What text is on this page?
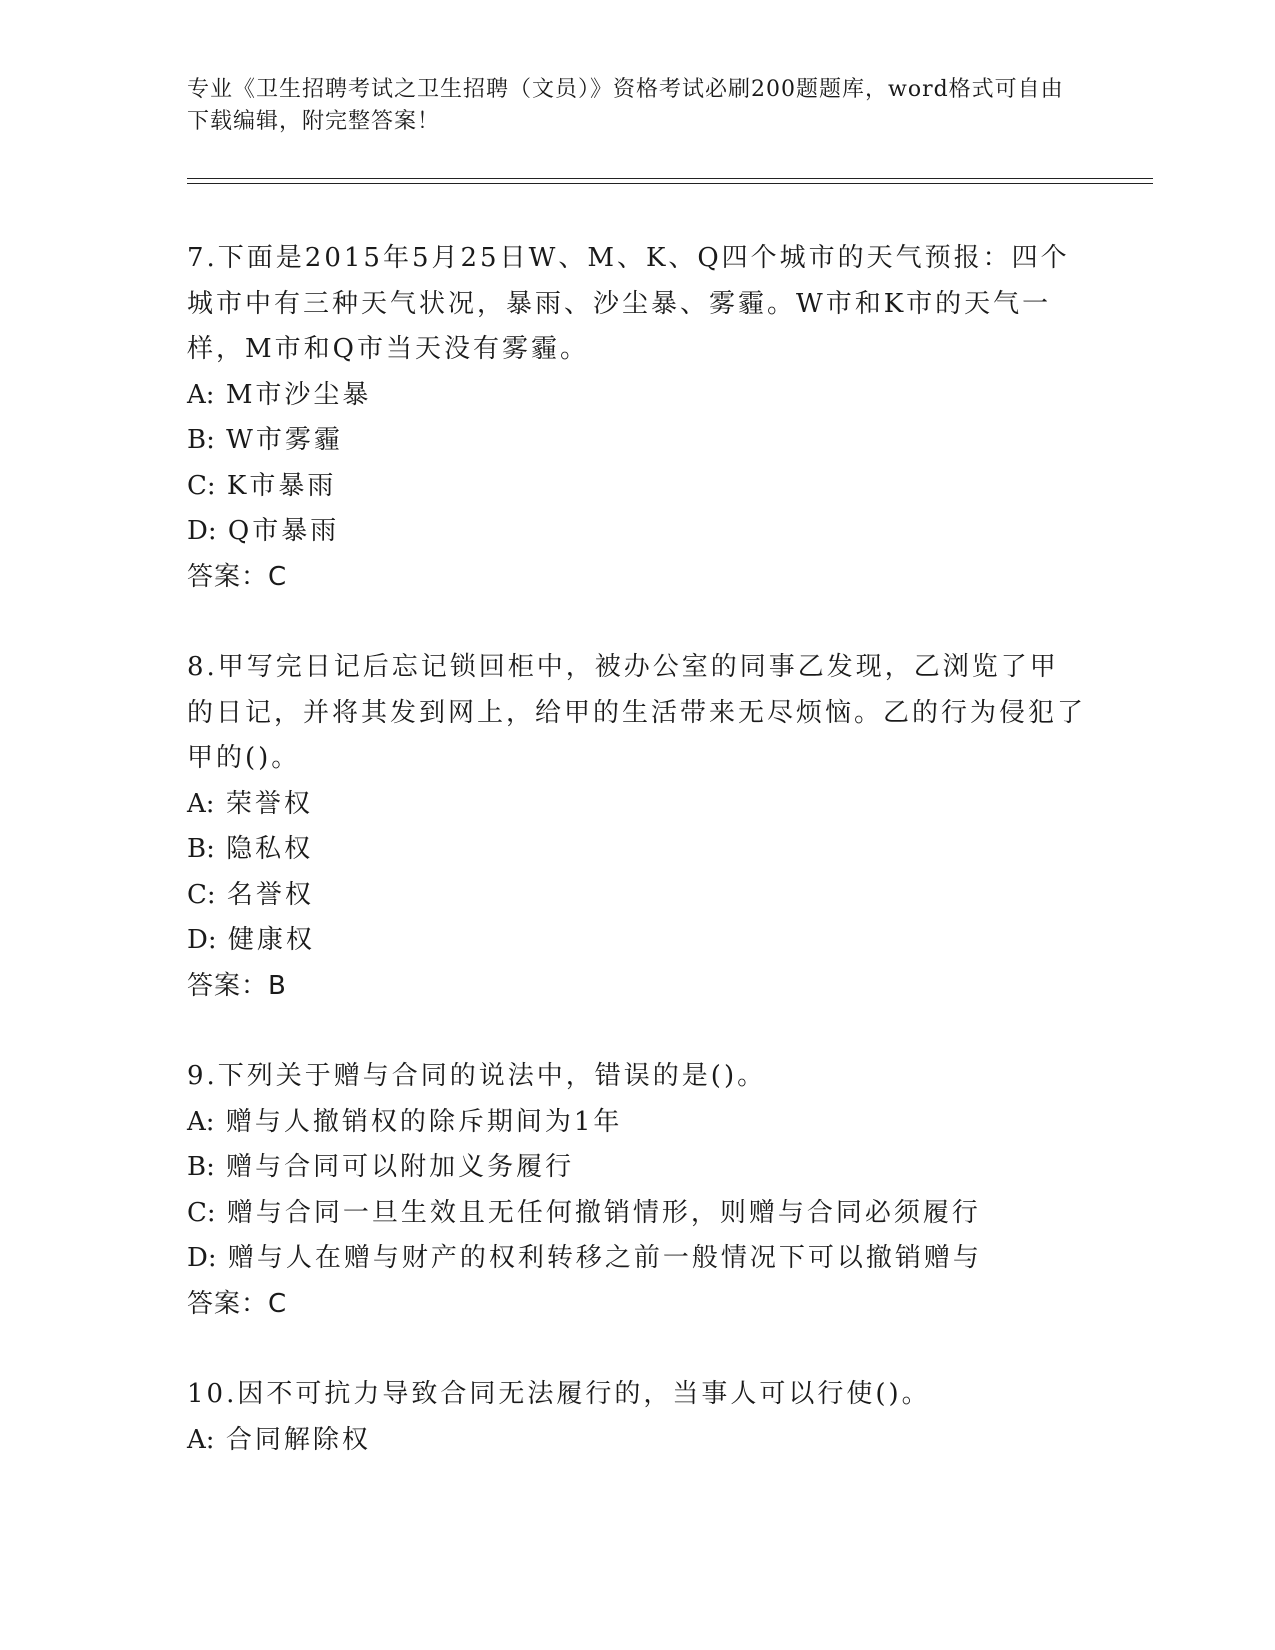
专业《卫生招聘考试之卫生招聘（文员）》资格考试必刷200题题库，word格式可自由下载编辑，附完整答案！
7.下面是2015年5月25日W、M、K、Q四个城市的天气预报：四个城市中有三种天气状况，暴雨、沙尘暴、雾霾。W市和K市的天气一样，M市和Q市当天没有雾霾。
A: M市沙尘暴
B: W市雾霾
C: K市暴雨
D: Q市暴雨
答案：C
8.甲写完日记后忘记锁回柜中，被办公室的同事乙发现，乙浏览了甲的日记，并将其发到网上，给甲的生活带来无尽烦恼。乙的行为侵犯了甲的()。
A: 荣誉权
B: 隐私权
C: 名誉权
D: 健康权
答案：B
9.下列关于赠与合同的说法中，错误的是()。
A: 赠与人撤销权的除斥期间为1年
B: 赠与合同可以附加义务履行
C: 赠与合同一旦生效且无任何撤销情形，则赠与合同必须履行
D: 赠与人在赠与财产的权利转移之前一般情况下可以撤销赠与
答案：C
10.因不可抗力导致合同无法履行的，当事人可以行使()。
A: 合同解除权
